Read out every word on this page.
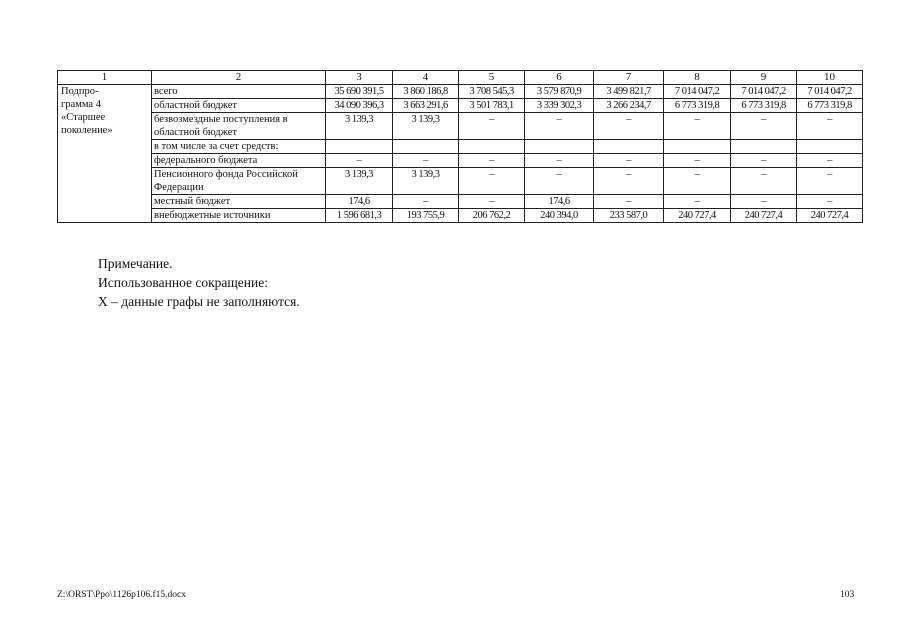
1	2	3	4	5	6	7	8	9	10
Подпро-
грамма 4
«Старшее
поколение»	всего	35 690 391,5	3 860 186,8	3 708 545,3	3 579 870,9	3 499 821,7	7 014 047,2	7 014 047,2	7 014 047,2
	областной бюджет	34 090 396,3	3 663 291,6	3 501 783,1	3 339 302,3	3 266 234,7	6 773 319,8	6 773 319,8	6 773 319,8
	безвозмездные поступления в областной бюджет	3 139,3	3 139,3	–	–	–	–	–	–
	в том числе за счет средств:								
	федерального бюджета	–	–	–	–	–	–	–	–
	Пенсионного фонда Российской Федерации	3 139,3	3 139,3	–	–	–	–	–	–
	местный бюджет	174,6	–	–	174,6	–	–	–	–
	внебюджетные источники	1 596 681,3	193 755,9	206 762,2	240 394,0	233 587,0	240 727,4	240 727,4	240 727,4
Примечание.
Использованное сокращение:
Х – данные графы не заполняются.
Z:\ORST\Ppo\1126p106.f15.docx	103
